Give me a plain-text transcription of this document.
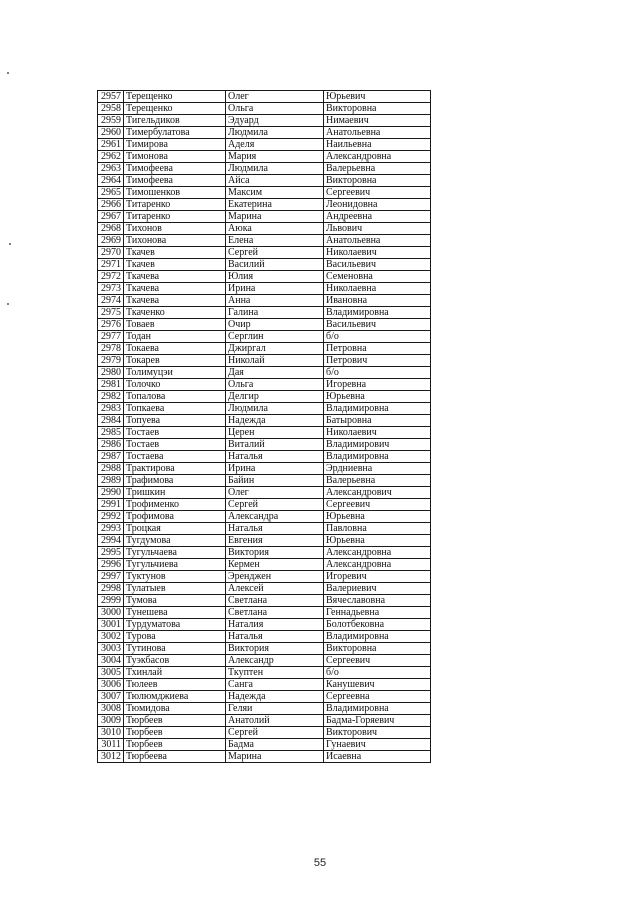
2957	Терещенко	Олег	Юрьевич
2958	Терещенко	Ольга	Викторовна
2959	Тигельдиков	Эдуард	Нимаевич
2960	Тимербулатова	Людмила	Анатольевна
2961	Тимирова	Аделя	Наильевна
2962	Тимонова	Мария	Александровна
2963	Тимофеева	Людмила	Валерьевна
2964	Тимофеева	Айса	Викторовна
2965	Тимошенков	Максим	Сергеевич
2966	Титаренко	Екатерина	Леонидовна
2967	Титаренко	Марина	Андреевна
2968	Тихонов	Аюка	Львович
2969	Тихонова	Елена	Анатольевна
2970	Ткачев	Сергей	Николаевич
2971	Ткачев	Василий	Васильевич
2972	Ткачева	Юлия	Семеновна
2973	Ткачева	Ирина	Николаевна
2974	Ткачева	Анна	Ивановна
2975	Ткаченко	Галина	Владимировна
2976	Товаев	Очир	Васильевич
2977	Тодан	Серглин	б/о
2978	Токаева	Джиргал	Петровна
2979	Токарев	Николай	Петрович
2980	Толимуцэи	Дая	б/о
2981	Толочко	Ольга	Игоревна
2982	Топалова	Делгир	Юрьевна
2983	Топкаева	Людмила	Владимировна
2984	Топуева	Надежда	Батыровна
2985	Тостаев	Церен	Николаевич
2986	Тостаев	Виталий	Владимирович
2987	Тостаева	Наталья	Владимировна
2988	Трактирова	Ирина	Эрдниевна
2989	Трафимова	Байин	Валерьевна
2990	Тришкин	Олег	Александрович
2991	Трофименко	Сергей	Сергеевич
2992	Трофимова	Александра	Юрьевна
2993	Троцкая	Наталья	Павловна
2994	Тугдумова	Евгения	Юрьевна
2995	Тугульчаева	Виктория	Александровна
2996	Тугульчиева	Кермен	Александровна
2997	Туктунов	Эренджен	Игоревич
2998	Тулатыев	Алексей	Валериевич
2999	Тумова	Светлана	Вячеславовна
3000	Тунешева	Светлана	Геннадьевна
3001	Турдуматова	Наталия	Болотбековна
3002	Турова	Наталья	Владимировна
3003	Тутинова	Виктория	Викторовна
3004	Туэкбасов	Александр	Сергеевич
3005	Тхинлай	Ткуптен	б/о
3006	Тюлеев	Санга	Канушевич
3007	Тюлюмджиева	Надежда	Сергеевна
3008	Тюмидова	Геляи	Владимировна
3009	Тюрбеев	Анатолий	Бадма-Горяевич
3010	Тюрбеев	Сергей	Викторович
3011	Тюрбеев	Бадма	Гунаевич
3012	Тюрбеева	Марина	Исаевна
55
